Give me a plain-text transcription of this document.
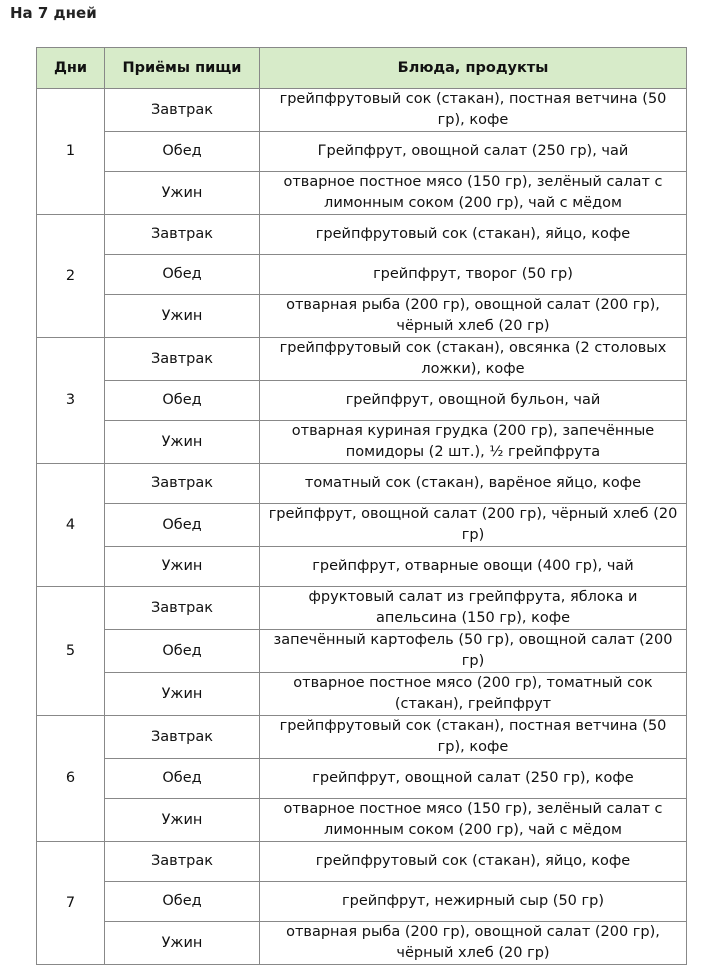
На 7 дней
Дни	Приёмы пищи	Блюда, продукты
1	Завтрак	грейпфрутовый сок (стакан), постная ветчина (50 гр), кофе
	Обед	Грейпфрут, овощной салат (250 гр), чай
	Ужин	отварное постное мясо (150 гр), зелёный салат с лимонным соком (200 гр), чай с мёдом
2	Завтрак	грейпфрутовый сок (стакан), яйцо, кофе
	Обед	грейпфрут, творог (50 гр)
	Ужин	отварная рыба (200 гр), овощной салат (200 гр), чёрный хлеб (20 гр)
3	Завтрак	грейпфрутовый сок (стакан), овсянка (2 столовых ложки), кофе
	Обед	грейпфрут, овощной бульон, чай
	Ужин	отварная куриная грудка (200 гр), запечённые помидоры (2 шт.), ½ грейпфрута
4	Завтрак	томатный сок (стакан), варёное яйцо, кофе
	Обед	грейпфрут, овощной салат (200 гр), чёрный хлеб (20 гр)
	Ужин	грейпфрут, отварные овощи (400 гр), чай
5	Завтрак	фруктовый салат из грейпфрута, яблока и апельсина (150 гр), кофе
	Обед	запечённый картофель (50 гр), овощной салат (200 гр)
	Ужин	отварное постное мясо (200 гр), томатный сок (стакан), грейпфрут
6	Завтрак	грейпфрутовый сок (стакан), постная ветчина (50 гр), кофе
	Обед	грейпфрут, овощной салат (250 гр), кофе
	Ужин	отварное постное мясо (150 гр), зелёный салат с лимонным соком (200 гр), чай с мёдом
7	Завтрак	грейпфрутовый сок (стакан), яйцо, кофе
	Обед	грейпфрут, нежирный сыр (50 гр)
	Ужин	отварная рыба (200 гр), овощной салат (200 гр), чёрный хлеб (20 гр)
